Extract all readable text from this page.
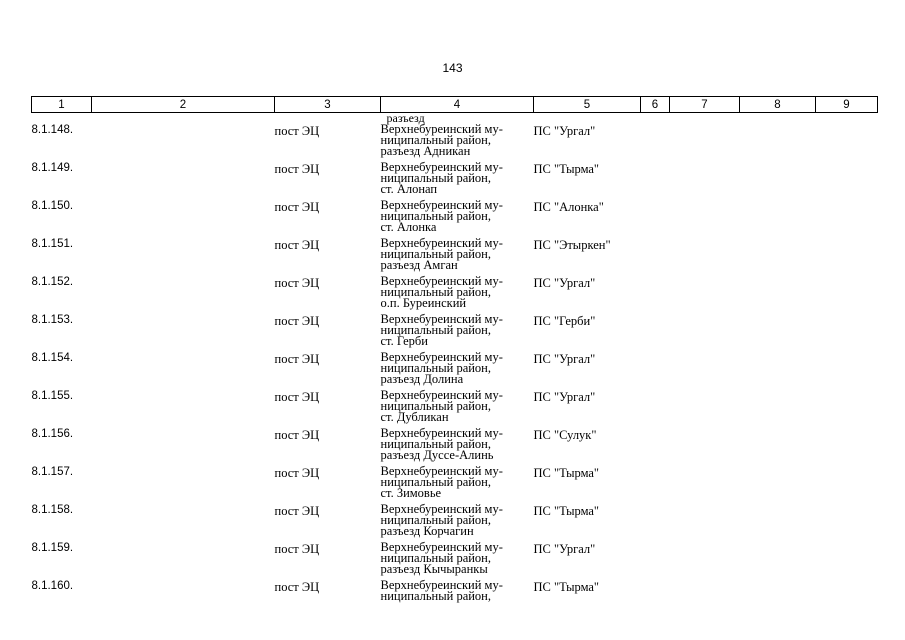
143
1	2	3	4	5	6	7	8	9
			разъезд					
8.1.148.		пост ЭЦ	Верхнебуреинский му-
ниципальный район,
разъезд Адникан	ПС "Ургал"				
8.1.149.		пост ЭЦ	Верхнебуреинский му-
ниципальный район,
ст. Алонап	ПС "Тырма"				
8.1.150.		пост ЭЦ	Верхнебуреинский му-
ниципальный район,
ст. Алонка	ПС "Алонка"				
8.1.151.		пост ЭЦ	Верхнебуреинский му-
ниципальный район,
разъезд Амган	ПС "Этыркен"				
8.1.152.		пост ЭЦ	Верхнебуреинский му-
ниципальный район,
о.п. Буреинский	ПС "Ургал"				
8.1.153.		пост ЭЦ	Верхнебуреинский му-
ниципальный район,
ст. Герби	ПС "Герби"				
8.1.154.		пост ЭЦ	Верхнебуреинский му-
ниципальный район,
разъезд Долина	ПС "Ургал"				
8.1.155.		пост ЭЦ	Верхнебуреинский му-
ниципальный район,
ст. Дубликан	ПС "Ургал"				
8.1.156.		пост ЭЦ	Верхнебуреинский му-
ниципальный район,
разъезд Дуссе-Алинь	ПС "Сулук"				
8.1.157.		пост ЭЦ	Верхнебуреинский му-
ниципальный район,
ст. Зимовье	ПС "Тырма"				
8.1.158.		пост ЭЦ	Верхнебуреинский му-
ниципальный район,
разъезд Корчагин	ПС "Тырма"				
8.1.159.		пост ЭЦ	Верхнебуреинский му-
ниципальный район,
разъезд Кычыранкы	ПС "Ургал"				
8.1.160.		пост ЭЦ	Верхнебуреинский му-
ниципальный район,	ПС "Тырма"				
